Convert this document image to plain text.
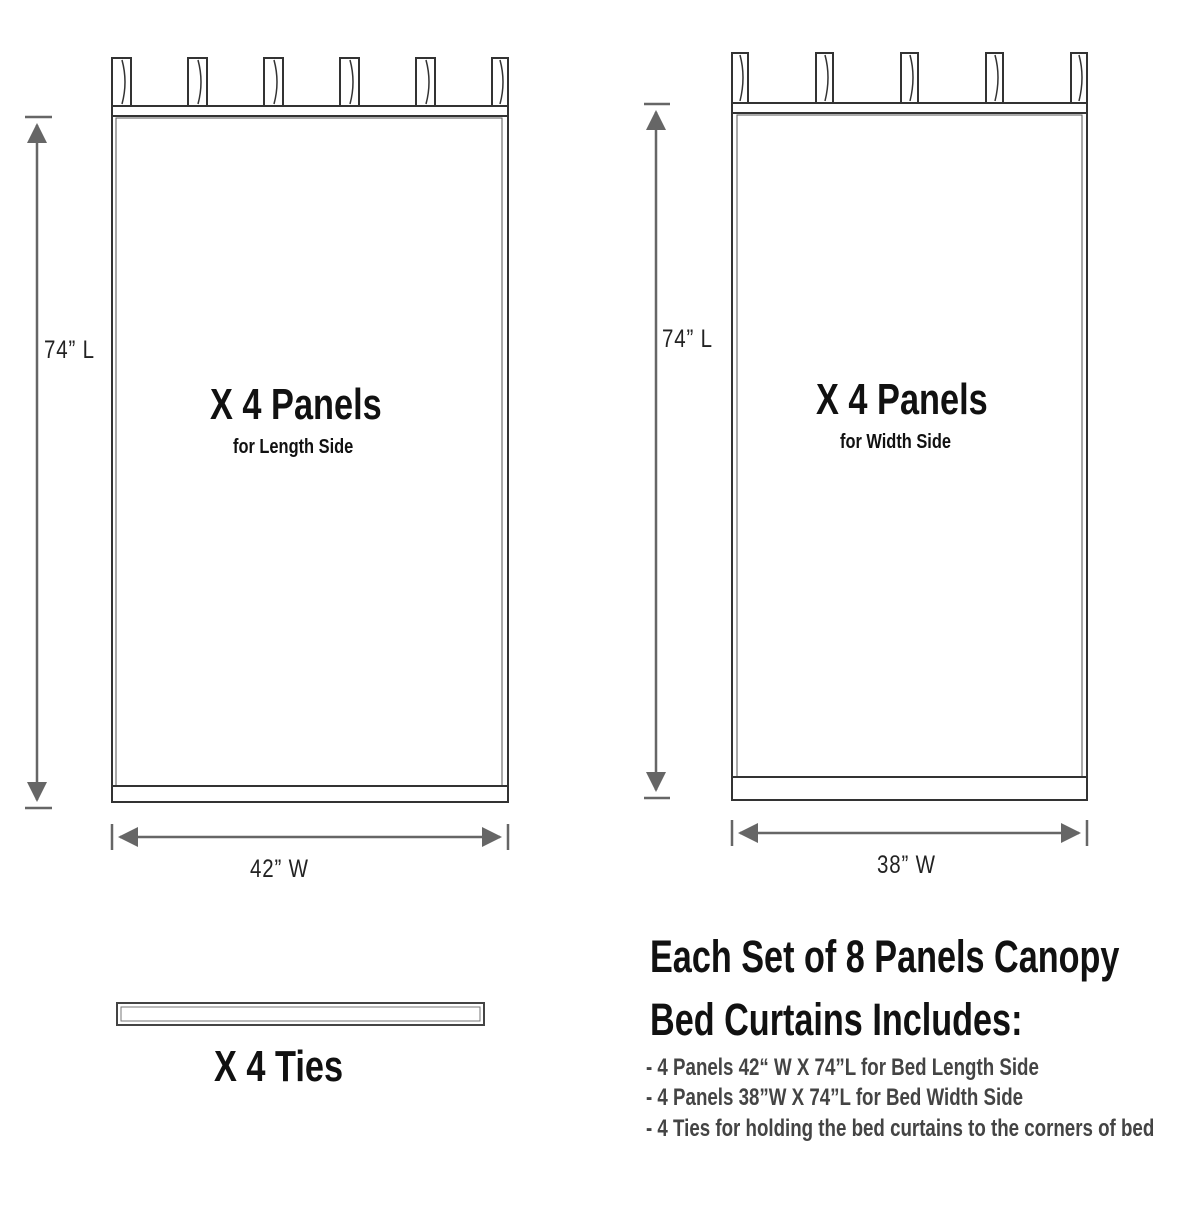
74” L
X 4 Panels
for Length Side
42” W
74” L
X 4 Panels
for Width Side
38” W
X 4 Ties
Each Set of 8 Panels Canopy
Bed Curtains Includes:
- 4 Panels 42“ W X 74”L for Bed Length Side
- 4 Panels 38”W X 74”L for Bed Width Side
- 4 Ties for holding the bed curtains to the corners of bed
